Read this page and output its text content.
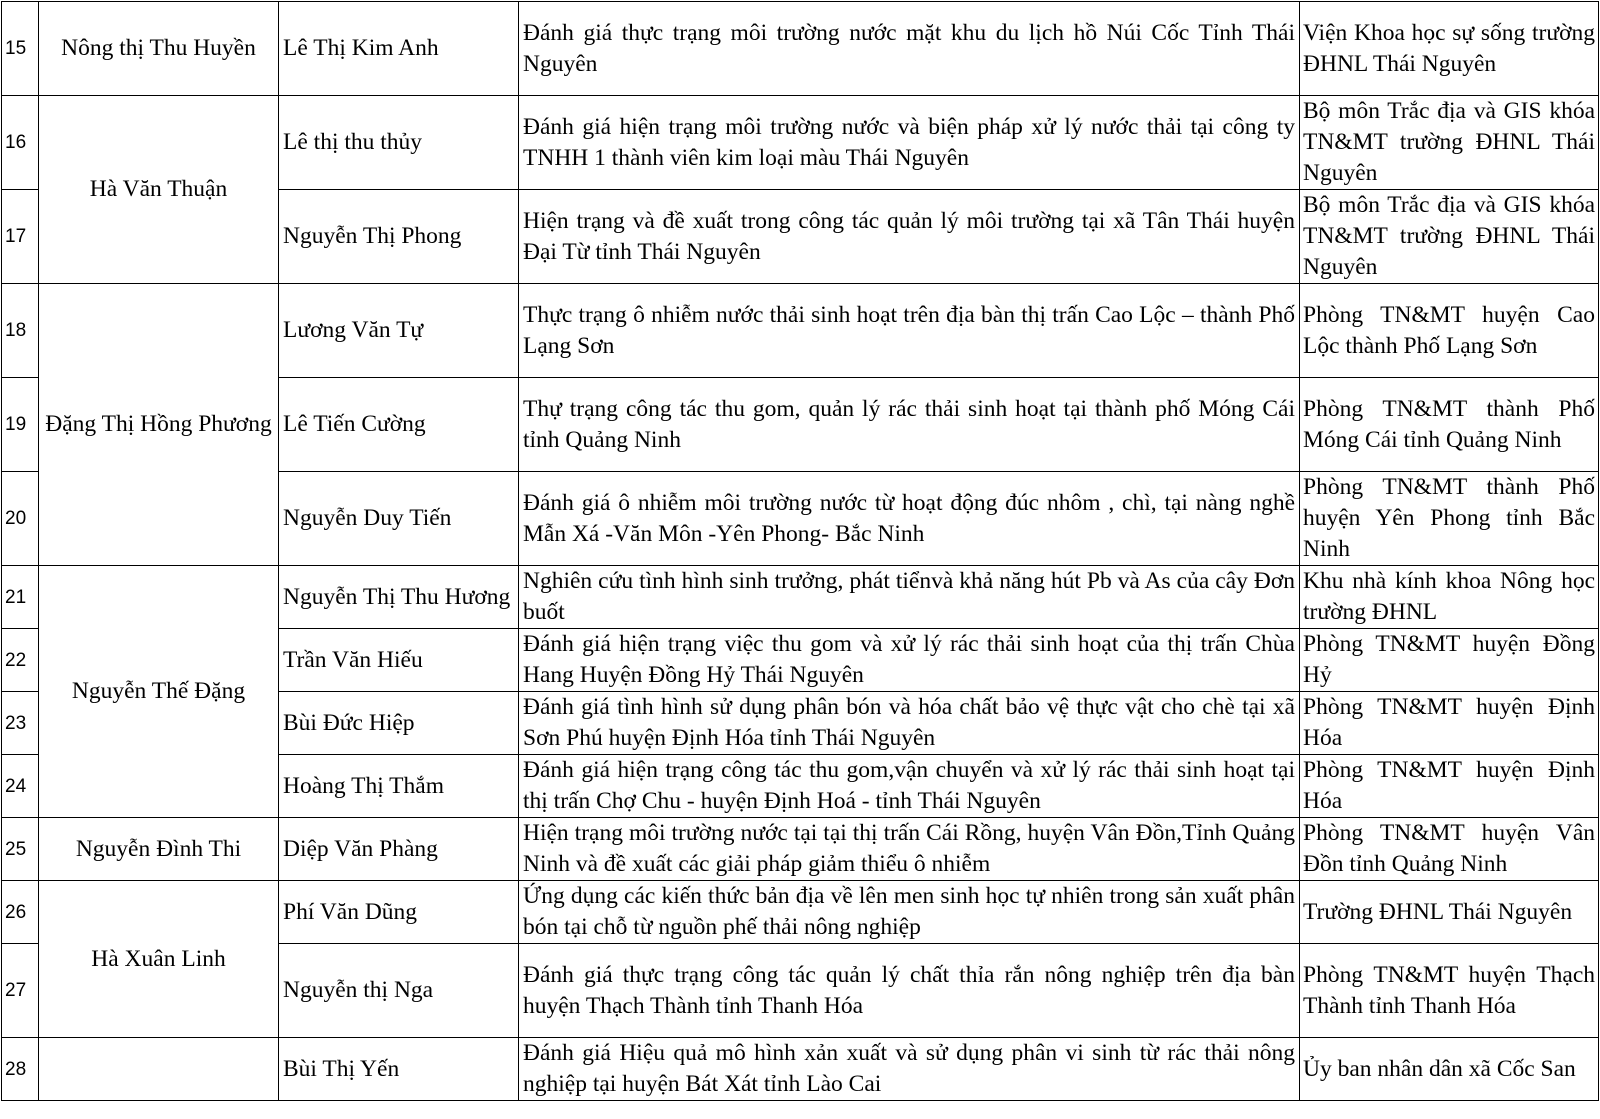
15	Nông thị Thu Huyền	Lê Thị Kim Anh	Đánh giá thực trạng môi trường nước mặt khu du lịch hồ Núi Cốc Tỉnh Thái Nguyên	Viện Khoa học sự sống trường ĐHNL Thái Nguyên
16	Hà Văn Thuận	Lê thị thu thủy	Đánh giá hiện trạng môi trường nước và biện pháp xử lý nước thải tại công ty TNHH 1 thành viên kim loại màu Thái Nguyên	Bộ môn Trắc địa và GIS khóa TN&MT trường ĐHNL Thái Nguyên
17		Nguyễn Thị Phong	Hiện trạng và đề xuất trong công tác quản lý môi trường tại xã Tân Thái huyện Đại Từ tỉnh Thái Nguyên	Bộ môn Trắc địa và GIS khóa TN&MT trường ĐHNL Thái Nguyên
18	Đặng Thị Hồng Phương	Lương Văn Tự	Thực trạng ô nhiễm nước thải sinh hoạt trên địa bàn thị trấn Cao Lộc – thành Phố Lạng Sơn	Phòng TN&MT huyện Cao Lộc thành Phố Lạng Sơn
19		Lê Tiến Cường	Thự trạng công tác thu gom, quản lý rác thải sinh hoạt tại thành phố Móng Cái tỉnh Quảng Ninh	Phòng TN&MT thành Phố Móng Cái tỉnh Quảng Ninh
20		Nguyễn Duy Tiến	Đánh giá ô nhiễm môi trường nước từ hoạt động đúc nhôm , chì, tại nàng nghề Mẫn Xá -Văn Môn -Yên Phong- Bắc Ninh	Phòng TN&MT thành Phố huyện Yên Phong tỉnh Bắc Ninh
21	Nguyễn Thế Đặng	Nguyễn Thị Thu Hương	Nghiên cứu tình hình sinh trưởng, phát tiểnvà khả năng hút Pb và As của cây Đơn buốt	Khu nhà kính khoa Nông học trường ĐHNL
22		Trần Văn Hiếu	Đánh giá hiện trạng việc thu gom và xử lý rác thải sinh hoạt của thị trấn Chùa Hang Huyện Đồng Hỷ Thái Nguyên	Phòng TN&MT huyện Đồng Hỷ
23		Bùi Đức Hiệp	Đánh giá tình hình sử dụng phân bón và hóa chất bảo vệ thực vật cho chè tại xã Sơn Phú huyện Định Hóa tỉnh Thái Nguyên	Phòng TN&MT huyện Định Hóa
24		Hoàng Thị Thắm	Đánh giá hiện trạng công tác thu gom,vận chuyển và xử lý rác thải sinh hoạt tại thị trấn Chợ Chu - huyện Định Hoá - tỉnh Thái Nguyên	Phòng TN&MT huyện Định Hóa
25	Nguyễn Đình Thi	Diệp Văn Phàng	Hiện trạng môi trường nước tại tại thị trấn Cái Rồng, huyện Vân Đồn,Tỉnh Quảng Ninh và đề xuất các giải pháp giảm thiểu ô nhiễm	Phòng TN&MT huyện Vân Đồn tỉnh Quảng Ninh
26	Hà Xuân Linh	Phí Văn Dũng	Ứng dụng các kiến thức bản địa về lên men sinh học tự nhiên trong sản xuất phân bón tại chỗ từ nguồn phế thải nông nghiệp	Trường ĐHNL Thái Nguyên
27		Nguyễn thị Nga	Đánh giá thực trạng công tác quản lý chất thỉa rắn nông nghiệp trên địa bàn huyện Thạch Thành tỉnh Thanh Hóa	Phòng TN&MT huyện Thạch Thành tỉnh Thanh Hóa
28		Bùi Thị Yến	Đánh giá Hiệu quả mô hình xản xuất và sử dụng phân vi sinh từ rác thải nông nghiệp tại huyện Bát Xát tỉnh Lào Cai	Ủy ban nhân dân xã Cốc San
